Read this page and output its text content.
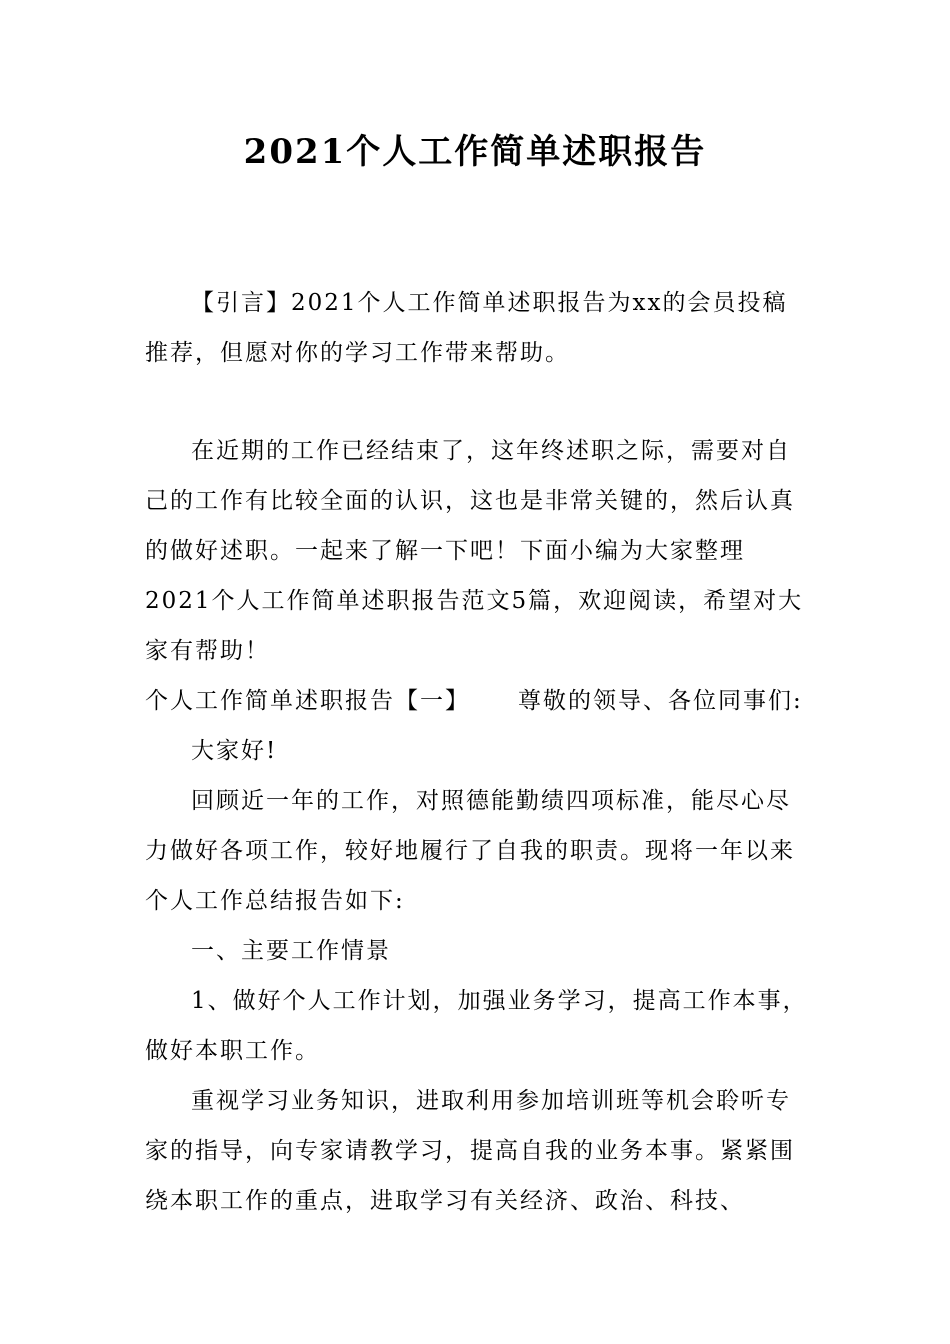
2021个人工作简单述职报告

【引言】2021个人工作简单述职报告为xx的会员投稿推荐，但愿对你的学习工作带来帮助。

在近期的工作已经结束了，这年终述职之际，需要对自己的工作有比较全面的认识，这也是非常关键的，然后认真的做好述职。一起来了解一下吧！下面小编为大家整理2021个人工作简单述职报告范文5篇，欢迎阅读，希望对大家有帮助！

个人工作简单述职报告【一】 尊敬的领导、各位同事们:

大家好!

回顾近一年的工作，对照德能勤绩四项标准，能尽心尽力做好各项工作，较好地履行了自我的职责。现将一年以来个人工作总结报告如下:

一、主要工作情景

1、做好个人工作计划，加强业务学习，提高工作本事，做好本职工作。

重视学习业务知识，进取利用参加培训班等机会聆听专家的指导，向专家请教学习，提高自我的业务本事。紧紧围绕本职工作的重点，进取学习有关经济、政治、科技、
